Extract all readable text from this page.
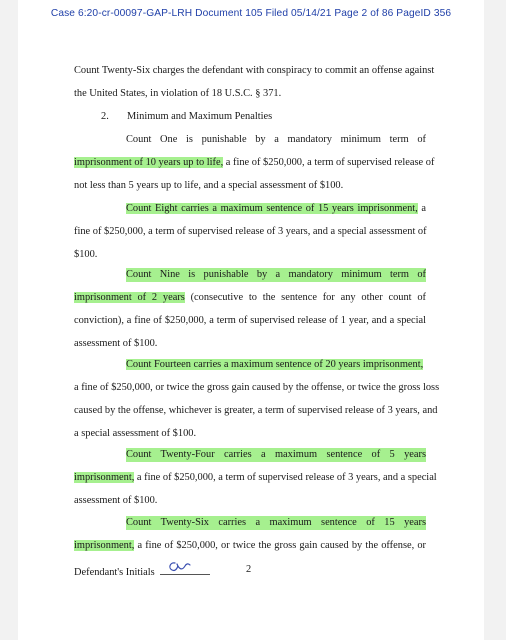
Case 6:20-cr-00097-GAP-LRH Document 105 Filed 05/14/21 Page 2 of 86 PageID 356
Count Twenty-Six charges the defendant with conspiracy to commit an offense against
the United States, in violation of 18 U.S.C. § 371.
2. Minimum and Maximum Penalties
Count One is punishable by a mandatory minimum term of
imprisonment of 10 years up to life, a fine of $250,000, a term of supervised release of
not less than 5 years up to life, and a special assessment of $100.
Count Eight carries a maximum sentence of 15 years imprisonment, a
fine of $250,000, a term of supervised release of 3 years, and a special assessment of
$100.
Count Nine is punishable by a mandatory minimum term of
imprisonment of 2 years (consecutive to the sentence for any other count of
conviction), a fine of $250,000, a term of supervised release of 1 year, and a special
assessment of $100.
Count Fourteen carries a maximum sentence of 20 years imprisonment,
a fine of $250,000, or twice the gross gain caused by the offense, or twice the gross loss
caused by the offense, whichever is greater, a term of supervised release of 3 years, and
a special assessment of $100.
Count Twenty-Four carries a maximum sentence of 5 years
imprisonment, a fine of $250,000, a term of supervised release of 3 years, and a special
assessment of $100.
Count Twenty-Six carries a maximum sentence of 15 years
imprisonment, a fine of $250,000, or twice the gross gain caused by the offense, or
Defendant's Initials	2
